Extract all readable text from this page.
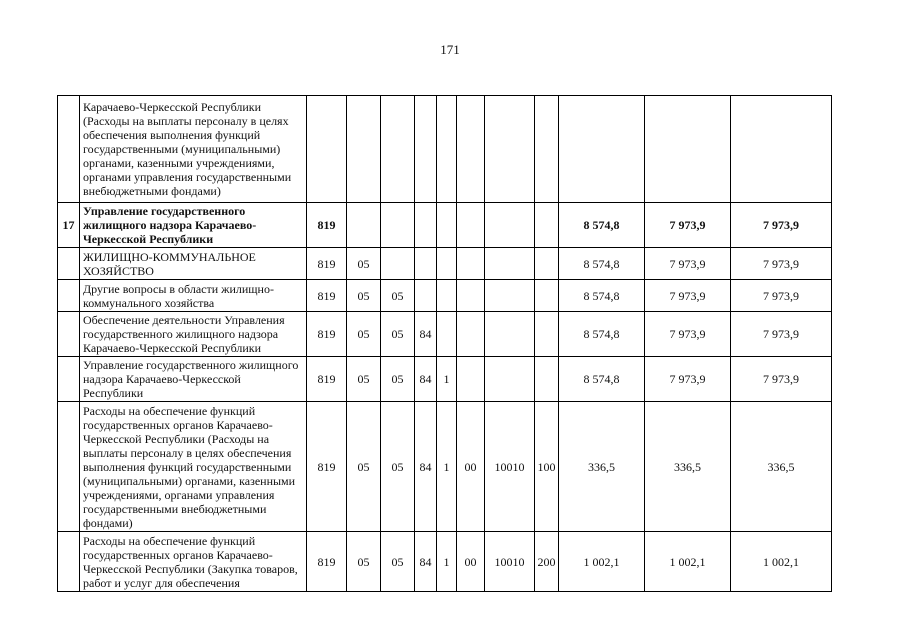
171
	Карачаево-Черкесской Республики (Расходы на выплаты персоналу в целях обеспечения выполнения функций государственными (муниципальными) органами, казенными учреждениями, органами управления государственными внебюджетными фондами)											
17	Управление государственного жилищного надзора Карачаево-Черкесской Республики	819								8 574,8	7 973,9	7 973,9
	ЖИЛИЩНО-КОММУНАЛЬНОЕ ХОЗЯЙСТВО	819	05							8 574,8	7 973,9	7 973,9
	Другие вопросы в области жилищно-коммунального хозяйства	819	05	05						8 574,8	7 973,9	7 973,9
	Обеспечение деятельности Управления государственного жилищного надзора Карачаево-Черкесской Республики	819	05	05	84					8 574,8	7 973,9	7 973,9
	Управление государственного жилищного надзора Карачаево-Черкесской Республики	819	05	05	84	1				8 574,8	7 973,9	7 973,9
	Расходы на обеспечение функций государственных органов Карачаево-Черкесской Республики (Расходы на выплаты персоналу в целях обеспечения выполнения функций государственными (муниципальными) органами, казенными учреждениями, органами управления государственными внебюджетными фондами)	819	05	05	84	1	00	10010	100	336,5	336,5	336,5
	Расходы на обеспечение функций государственных органов Карачаево-Черкесской Республики (Закупка товаров, работ и услуг для обеспечения	819	05	05	84	1	00	10010	200	1 002,1	1 002,1	1 002,1
